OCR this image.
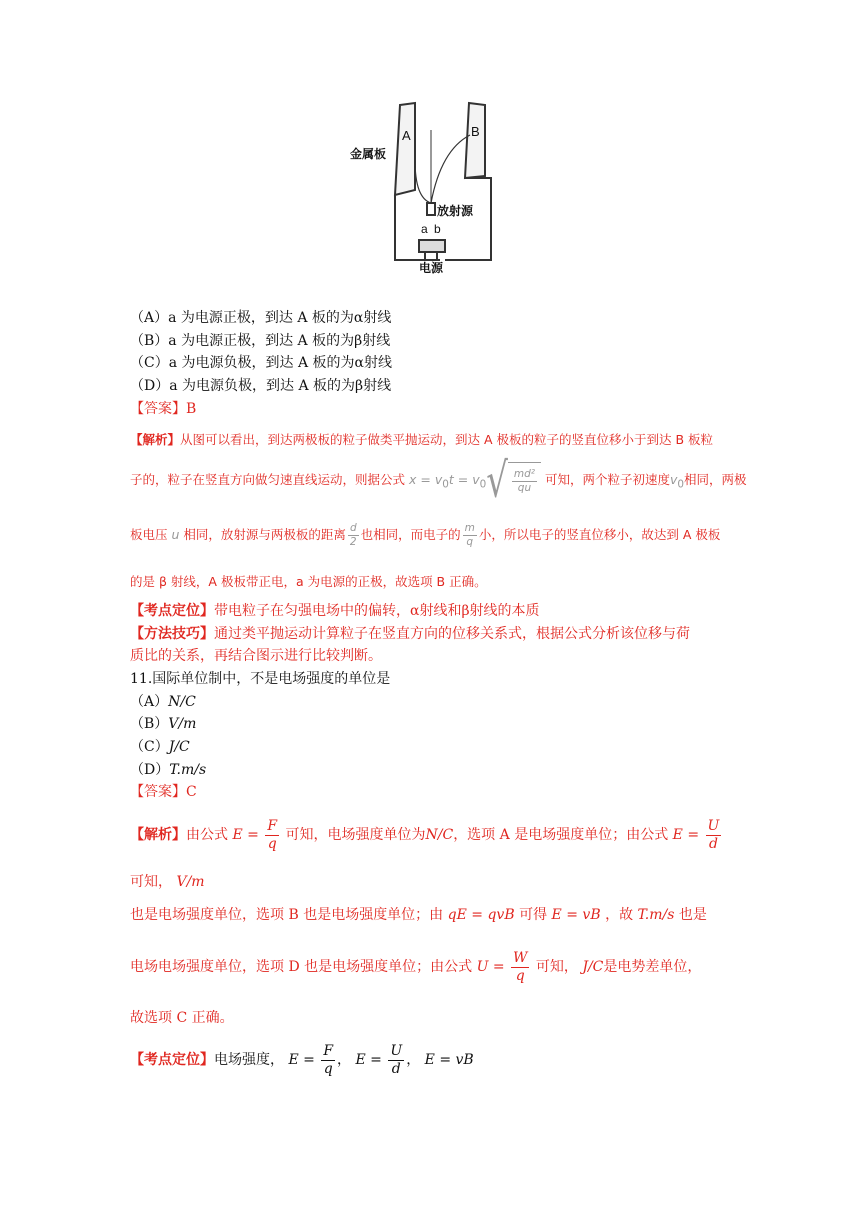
A	B
金属板
放射源
a b
电源
（A）a 为电源正极，到达 A 板的为α射线
（B）a 为电源正极，到达 A 板的为β射线
（C）a 为电源负极，到达 A 板的为α射线
（D）a 为电源负极，到达 A 板的为β射线
【答案】B
【解析】从图可以看出，到达两极板的粒子做类平抛运动，到达 A 极板的粒子的竖直位移小于到达 B 板粒
子的，粒子在竖直方向做匀速直线运动，则据公式 $x = v_0t = v_0$ √ $\frac{\text{md²}}{qu}$ 可知，两个粒子初速度$v_0$相同，两极
板电压 u 相同，放射源与两极板的距离 $\frac{d}{2}$ 也相同，而电子的 $\frac{m}{q}$ 小，所以电子的竖直位移小，故达到 A 极板
的是 β 射线，A 极板带正电，a 为电源的正极，故选项 B 正确。
【考点定位】带电粒子在匀强电场中的偏转，α射线和β射线的本质
【方法技巧】通过类平抛运动计算粒子在竖直方向的位移关系式，根据公式分析该位移与荷
质比的关系，再结合图示进行比较判断。
11.国际单位制中，不是电场强度的单位是
（A）N/C
（B）V/m
（C）J/C
（D）T.m/s
【答案】C
【解析】由公式 $E = \frac{F}{q}$ 可知，电场强度单位为N/C，选项 A 是电场强度单位；由公式 $E = \frac{U}{d}$
可知， V/m
也是电场强度单位，选项 B 也是电场强度单位；由 qE = qvB 可得 E = vB ，故 T.m/s 也是
电场电场强度单位，选项 D 也是电场强度单位；由公式 $U = \frac{W}{q}$ 可知， J/C是电势差单位，
故选项 C 正确。
【考点定位】电场强度， $E = \frac{F}{q}$ ， $E = \frac{U}{d}$ ， E = vB
